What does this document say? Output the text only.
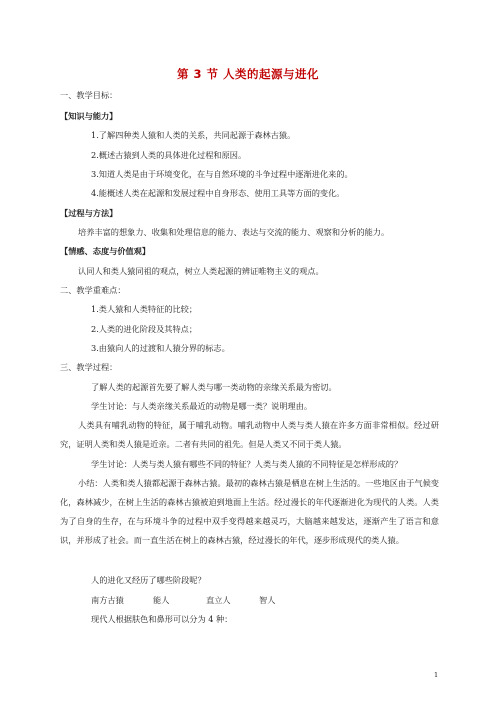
第 3 节 人类的起源与进化
一、教学目标：
【知识与能力】
1.了解四种类人猿和人类的关系，共同起源于森林古猿。
2.概述古猿到人类的具体进化过程和原因。
3.知道人类是由于环境变化，在与自然环境的斗争过程中逐渐进化来的。
4.能概述人类在起源和发展过程中自身形态、使用工具等方面的变化。
【过程与方法】
培养丰富的想象力、收集和处理信息的能力、表达与交流的能力、观察和分析的能力。
【情感、态度与价值观】
认同人和类人猿同祖的观点，树立人类起源的辨证唯物主义的观点。
二、教学重难点：
1.类人猿和人类特征的比较；
2.人类的进化阶段及其特点；
3.由猿向人的过渡和人猿分界的标志。
三、教学过程：
了解人类的起源首先要了解人类与哪一类动物的亲缘关系最为密切。
学生讨论：与人类亲缘关系最近的动物是哪一类？说明理由。
人类具有哺乳动物的特征，属于哺乳动物。哺乳动物中人类与类人猿在许多方面非常相似。经过研究，证明人类和类人猿是近亲。二者有共同的祖先。但是人类又不同于类人猿。
学生讨论：人类与类人猿有哪些不同的特征？人类与类人猿的不同特征是怎样形成的？
小结：人类和类人猿都起源于森林古猿。最初的森林古猿是栖息在树上生活的。一些地区由于气候变化，森林减少，在树上生活的森林古猿被迫到地面上生活。经过漫长的年代逐渐进化为现代的人类。人类为了自身的生存，在与环境斗争的过程中双手变得越来越灵巧，大脑越来越发达，逐渐产生了语言和意识，并形成了社会。而一直生活在树上的森林古猿，经过漫长的年代，逐步形成现代的类人猿。
人的进化又经历了哪些阶段呢？
南方古猿	能人	直立人	智人
现代人根据肤色和鼻形可以分为 4 种：
1
